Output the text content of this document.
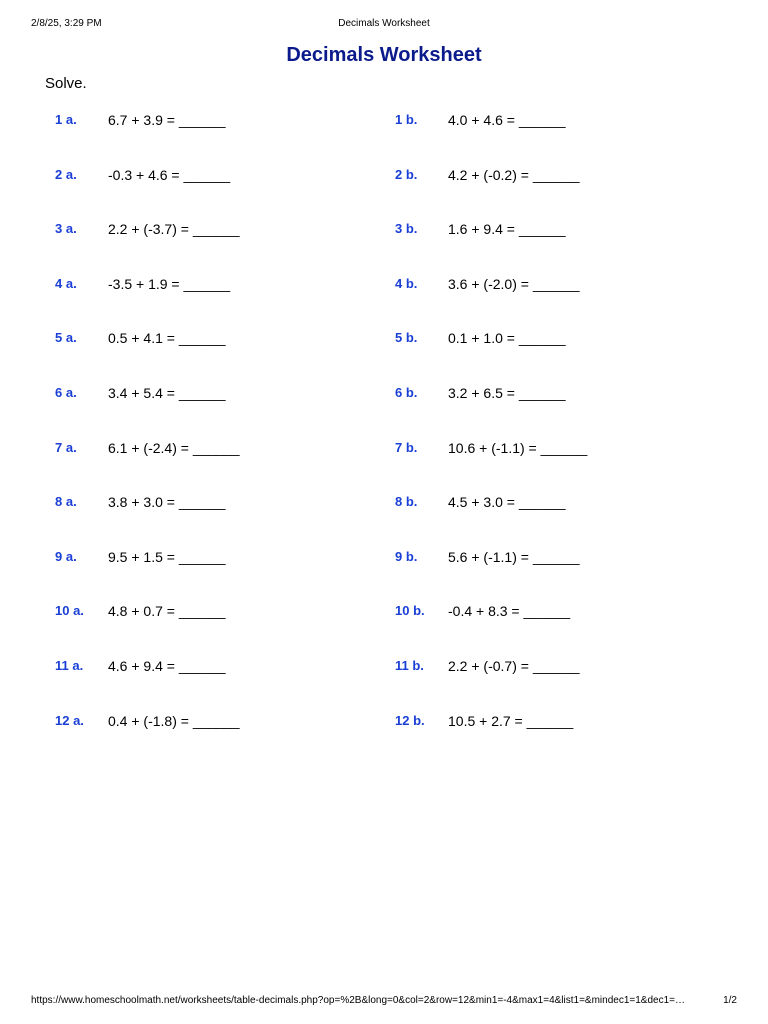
2/8/25, 3:29 PM	Decimals Worksheet
Decimals Worksheet
Solve.
1 a. 6.7 + 3.9 = ______	1 b. 4.0 + 4.6 = ______
2 a. -0.3 + 4.6 = ______	2 b. 4.2 + (-0.2) = ______
3 a. 2.2 + (-3.7) = ______	3 b. 1.6 + 9.4 = ______
4 a. -3.5 + 1.9 = ______	4 b. 3.6 + (-2.0) = ______
5 a. 0.5 + 4.1 = ______	5 b. 0.1 + 1.0 = ______
6 a. 3.4 + 5.4 = ______	6 b. 3.2 + 6.5 = ______
7 a. 6.1 + (-2.4) = ______	7 b. 10.6 + (-1.1) = ______
8 a. 3.8 + 3.0 = ______	8 b. 4.5 + 3.0 = ______
9 a. 9.5 + 1.5 = ______	9 b. 5.6 + (-1.1) = ______
10 a. 4.8 + 0.7 = ______	10 b. -0.4 + 8.3 = ______
11 a. 4.6 + 9.4 = ______	11 b. 2.2 + (-0.7) = ______
12 a. 0.4 + (-1.8) = ______	12 b. 10.5 + 2.7 = ______
https://www.homeschoolmath.net/worksheets/table-decimals.php?op=%2B&long=0&col=2&row=12&min1=-4&max1=4&list1=&mindec1=1&dec1=…	1/2
